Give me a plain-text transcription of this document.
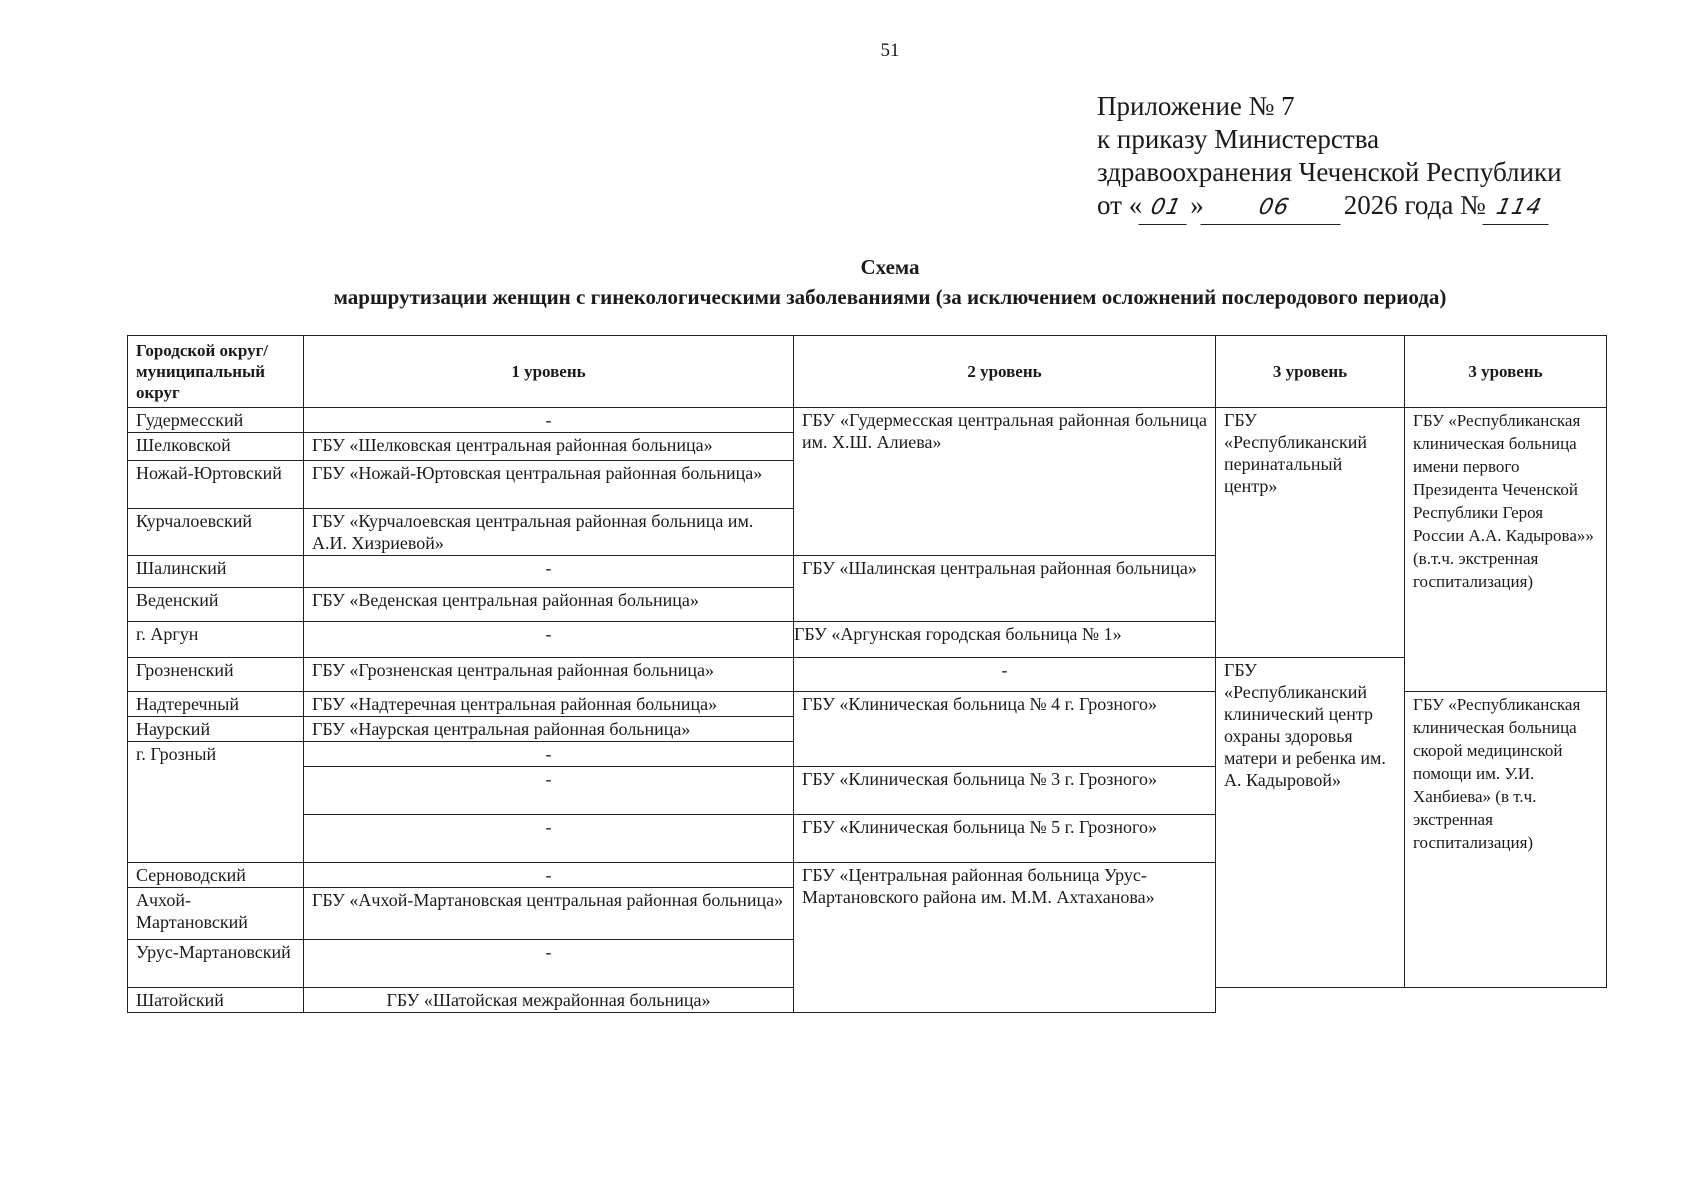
51
Приложение № 7
к приказу Министерства
здравоохранения Чеченской Республики
от « 01 » 06 2026 года № 114
Схема
маршрутизации женщин с гинекологическими заболеваниями (за исключением осложнений послеродового периода)
Городской округ/муниципальный округ	1 уровень	2 уровень	3 уровень	3 уровень
Гудермесский	-	ГБУ «Гудермесская центральная районная больница им. Х.Ш. Алиева»	ГБУ «Республиканский перинатальный центр»	ГБУ «Республиканская клиническая больница имени первого Президента Чеченской Республики Героя России А.А. Кадырова»» (в.т.ч. экстренная госпитализация)
Шелковской	ГБУ «Шелковская центральная районная больница»			
Ножай-Юртовский	ГБУ «Ножай-Юртовская центральная районная больница»			
Курчалоевский	ГБУ «Курчалоевская центральная районная больница им. А.И. Хизриевой»			
Шалинский	-	ГБУ «Шалинская центральная районная больница»		
Веденский	ГБУ «Веденская центральная районная больница»			
г. Аргун	-	ГБУ «Аргунская городская больница № 1»		
Грозненский	ГБУ «Грозненская центральная районная больница»	-	ГБУ «Республиканский клинический центр охраны здоровья матери и ребенка им. А. Кадыровой»	
Надтеречный	ГБУ «Надтеречная центральная районная больница»	ГБУ «Клиническая больница № 4 г. Грозного»		ГБУ «Республиканская клиническая больница скорой медицинской помощи им. У.И. Ханбиева» (в т.ч. экстренная госпитализация)
Наурский	ГБУ «Наурская центральная районная больница»			
г. Грозный	-			
	-	ГБУ «Клиническая больница № 3 г. Грозного»		
	-	ГБУ «Клиническая больница № 5 г. Грозного»		
Серноводский	-	ГБУ «Центральная районная больница Урус-Мартановского района им. М.М. Ахтаханова»		
Ачхой-Мартановский	ГБУ «Ачхой-Мартановская центральная районная больница»			
Урус-Мартановский	-			
Шатойский	ГБУ «Шатойская межрайонная больница»			
